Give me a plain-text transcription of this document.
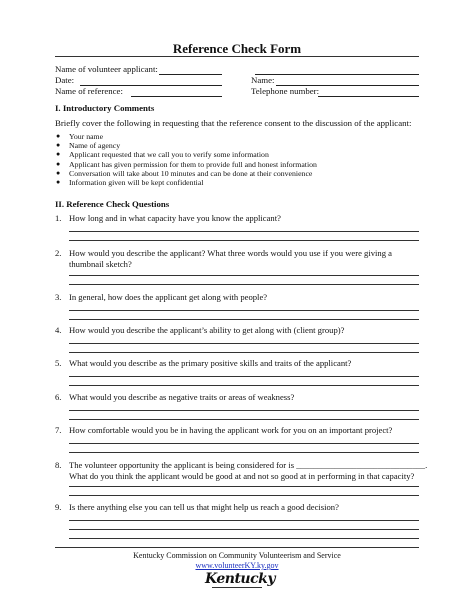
Reference Check Form
Name of volunteer applicant:
Date:	Name:
Name of reference:	Telephone number:
I. Introductory Comments
Briefly cover the following in requesting that the reference consent to the discussion of the applicant:
● Your name
● Name of agency
● Applicant requested that we call you to verify some information
● Applicant has given permission for them to provide full and honest information
● Conversation will take about 10 minutes and can be done at their convenience
● Information given will be kept confidential
II. Reference Check Questions
1. How long and in what capacity have you know the applicant?
2. How would you describe the applicant? What three words would you use if you were giving a
thumbnail sketch?
3. In general, how does the applicant get along with people?
4. How would you describe the applicant’s ability to get along with (client group)?
5. What would you describe as the primary positive skills and traits of the applicant?
6. What would you describe as negative traits or areas of weakness?
7. How comfortable would you be in having the applicant work for you on an important project?
8. The volunteer opportunity the applicant is being considered for is ______________________________.
What do you think the applicant would be good at and not so good at in performing in that capacity?
9. Is there anything else you can tell us that might help us reach a good decision?
Kentucky Commission on Community Volunteerism and Service
www.volunteerKY.ky.gov
Kentucky
